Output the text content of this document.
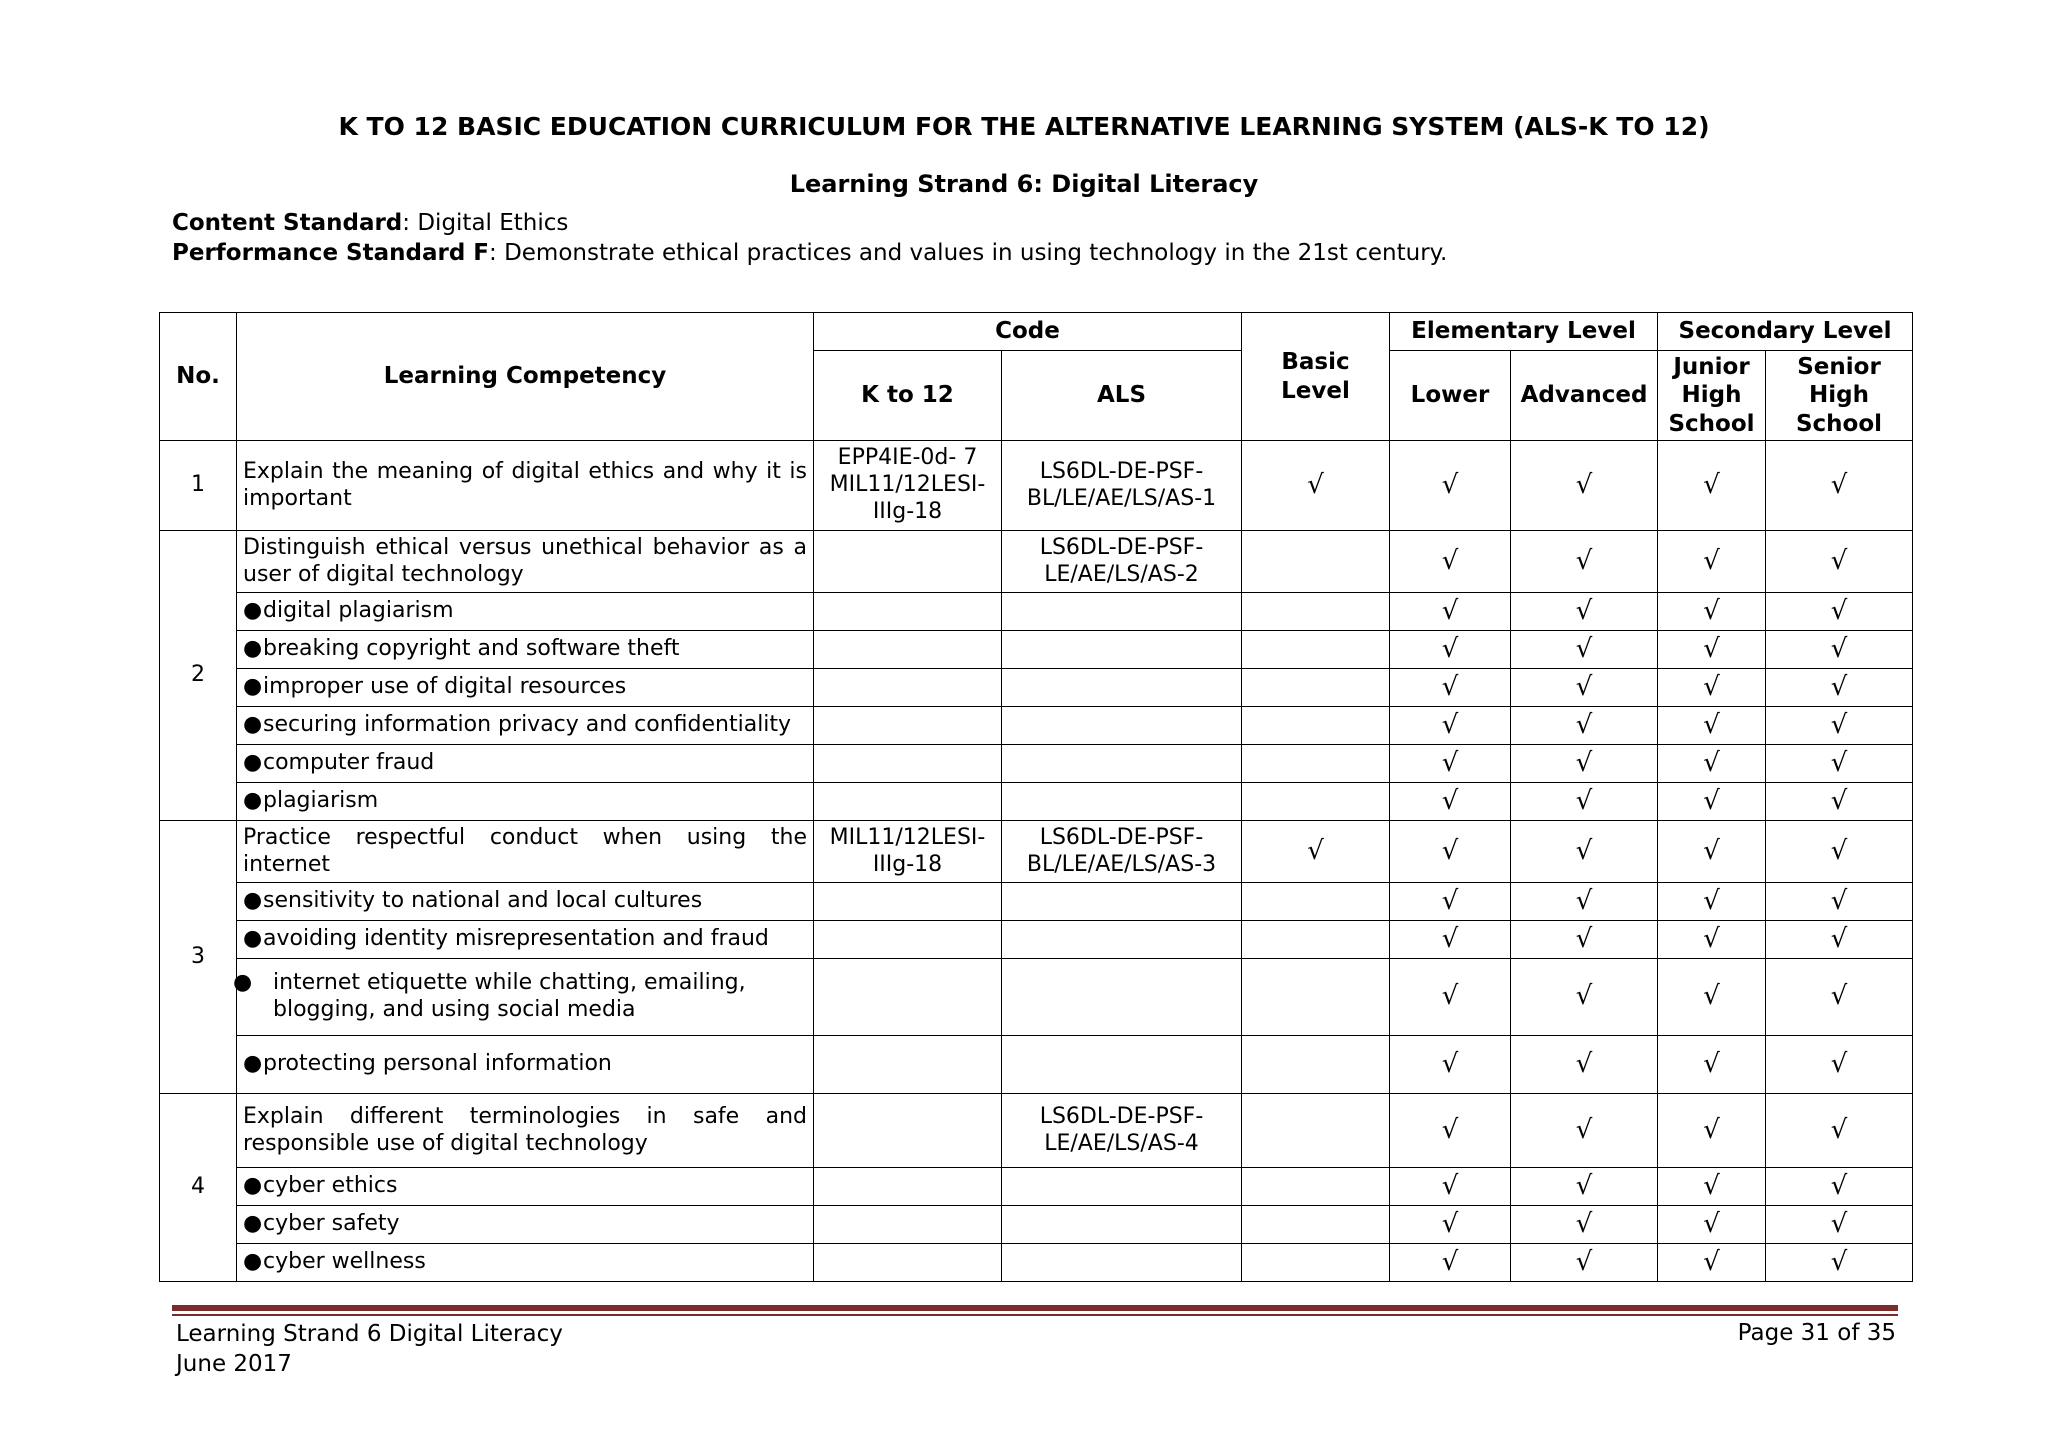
K TO 12 BASIC EDUCATION CURRICULUM FOR THE ALTERNATIVE LEARNING SYSTEM (ALS-K TO 12)
Learning Strand 6: Digital Literacy
Content Standard: Digital Ethics
Performance Standard F: Demonstrate ethical practices and values in using technology in the 21st century.
No.	Learning Competency	Code		Basic Level	Elementary Level		Secondary Level	
		K to 12	ALS		Lower	Advanced	Junior High School	Senior High School
1	Explain the meaning of digital ethics and why it is important	EPP4IE-0d- 7 MIL11/12LESI-IIIg-18	LS6DL-DE-PSF-BL/LE/AE/LS/AS-1	√	√	√	√	√
2	Distinguish ethical versus unethical behavior as a user of digital technology		LS6DL-DE-PSF-LE/AE/LS/AS-2		√	√	√	√
	●digital plagiarism				√	√	√	√
	●breaking copyright and software theft				√	√	√	√
	●improper use of digital resources				√	√	√	√
	●securing information privacy and confidentiality				√	√	√	√
	●computer fraud				√	√	√	√
	●plagiarism				√	√	√	√
3	Practice respectful conduct when using the internet	MIL11/12LESI-IIIg-18	LS6DL-DE-PSF-BL/LE/AE/LS/AS-3	√	√	√	√	√
	●sensitivity to national and local cultures				√	√	√	√
	●avoiding identity misrepresentation and fraud				√	√	√	√
	● internet etiquette while chatting, emailing, blogging, and using social media				√	√	√	√
	●protecting personal information				√	√	√	√
4	Explain different terminologies in safe and responsible use of digital technology		LS6DL-DE-PSF-LE/AE/LS/AS-4		√	√	√	√
	●cyber ethics				√	√	√	√
	●cyber safety				√	√	√	√
	●cyber wellness				√	√	√	√
Learning Strand 6 Digital Literacy
June 2017
Page 31 of 35
